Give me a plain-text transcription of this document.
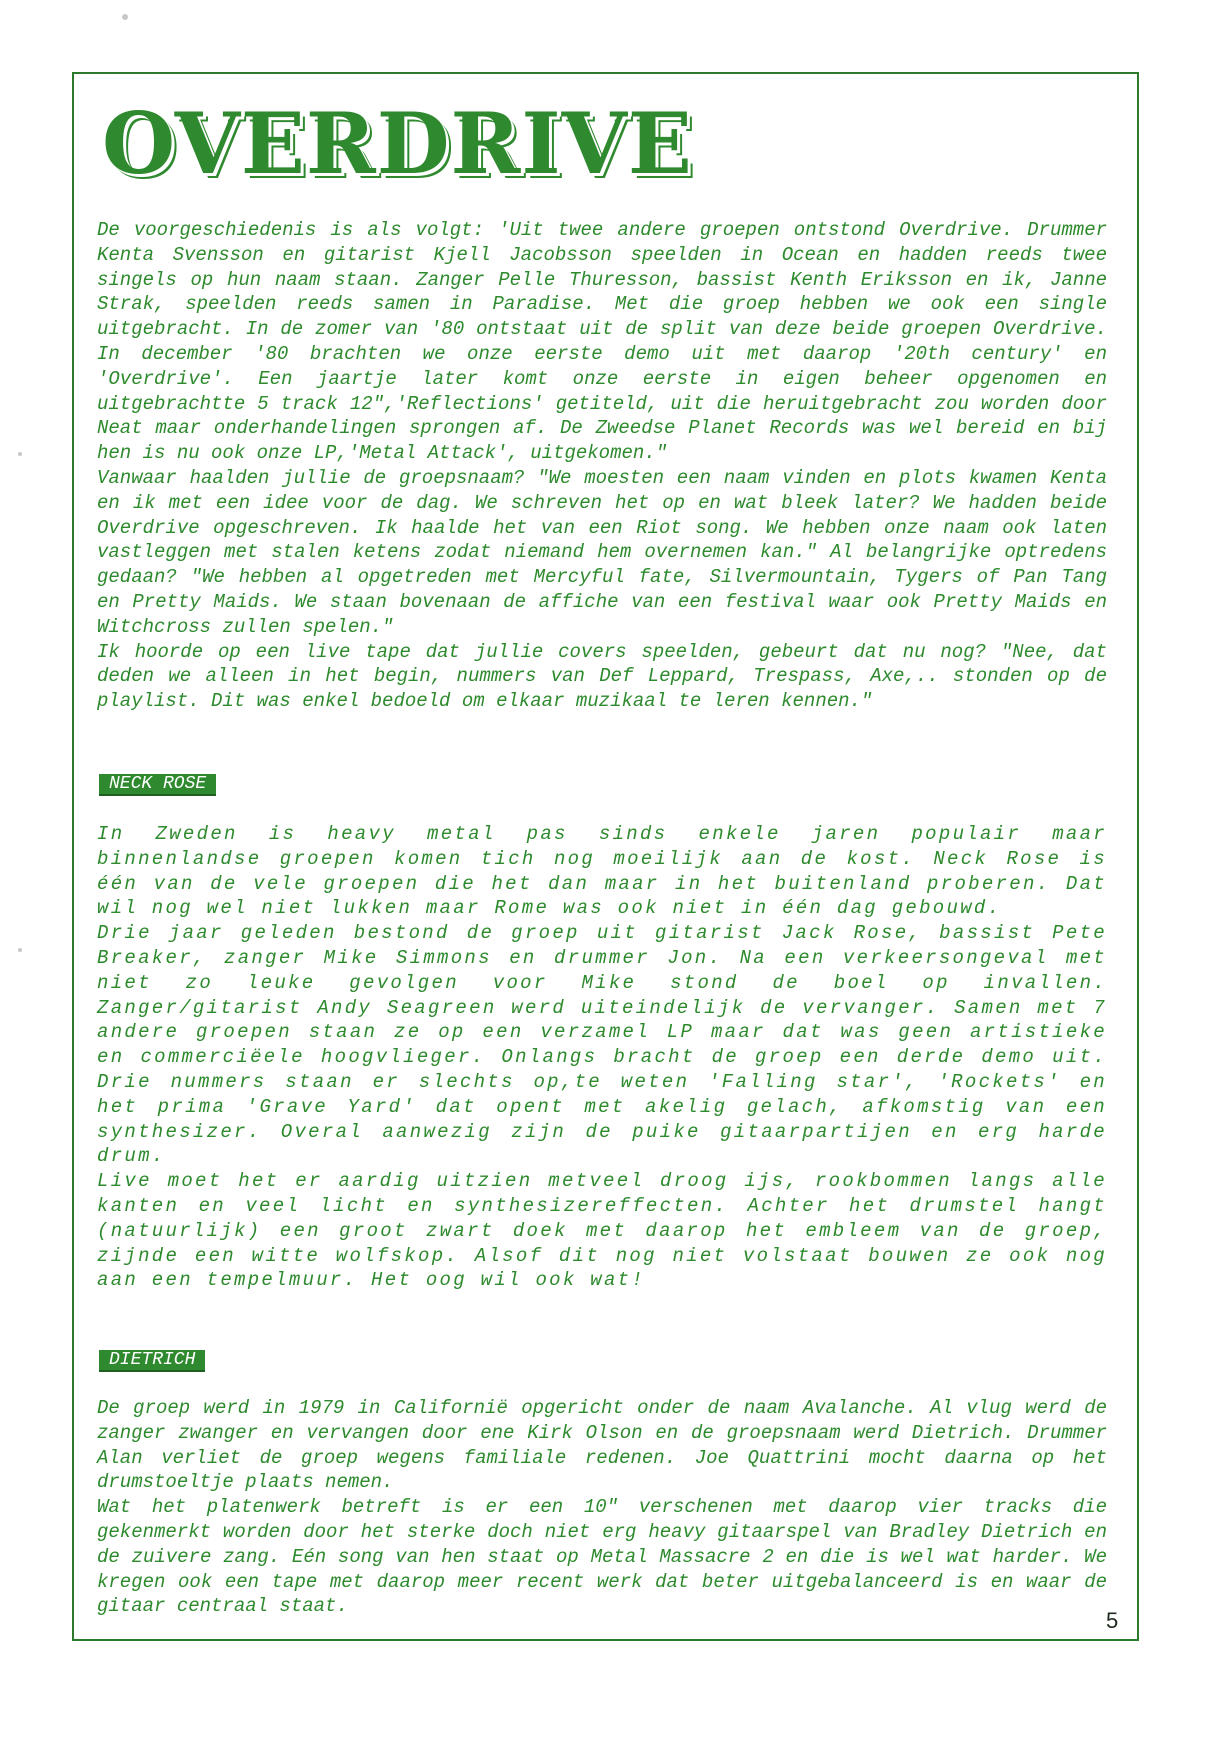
OVERDRIVE

De voorgeschiedenis is als volgt: 'Uit twee andere groepen ontstond Overdrive. Drummer Kenta Svensson en gitarist Kjell Jacobsson speelden in Ocean en hadden reeds twee singels op hun naam staan. Zanger Pelle Thuresson, bassist Kenth Eriksson en ik, Janne Strak, speelden reeds samen in Paradise. Met die groep hebben we ook een single uitgebracht. In de zomer van '80 ontstaat uit de split van deze beide groepen Overdrive. In december '80 brachten we onze eerste demo uit met daarop '20th century' en 'Overdrive'. Een jaartje later komt onze eerste in eigen beheer opgenomen en uitgebrachtte 5 track 12",'Reflections' getiteld, uit die heruitgebracht zou worden door Neat maar onderhandelingen sprongen af. De Zweedse Planet Records was wel bereid en bij hen is nu ook onze LP,'Metal Attack', uitgekomen."

Vanwaar haalden jullie de groepsnaam? "We moesten een naam vinden en plots kwamen Kenta en ik met een idee voor de dag. We schreven het op en wat bleek later? We hadden beide Overdrive opgeschreven. Ik haalde het van een Riot song. We hebben onze naam ook laten vastleggen met stalen ketens zodat niemand hem overnemen kan." Al belangrijke optredens gedaan? "We hebben al opgetreden met Mercyful fate, Silvermountain, Tygers of Pan Tang en Pretty Maids. We staan bovenaan de affiche van een festival waar ook Pretty Maids en Witchcross zullen spelen."

Ik hoorde op een live tape dat jullie covers speelden, gebeurt dat nu nog? "Nee, dat deden we alleen in het begin, nummers van Def Leppard, Trespass, Axe,.. stonden op de playlist. Dit was enkel bedoeld om elkaar muzikaal te leren kennen."

NECK ROSE

In Zweden is heavy metal pas sinds enkele jaren populair maar binnenlandse groepen komen tich nog moeilijk aan de kost. Neck Rose is één van de vele groepen die het dan maar in het buitenland proberen. Dat wil nog wel niet lukken maar Rome was ook niet in één dag gebouwd.

Drie jaar geleden bestond de groep uit gitarist Jack Rose, bassist Pete Breaker, zanger Mike Simmons en drummer Jon. Na een verkeersongeval met niet zo leuke gevolgen voor Mike stond de boel op invallen. Zanger/gitarist Andy Seagreen werd uiteindelijk de vervanger. Samen met 7 andere groepen staan ze op een verzamel LP maar dat was geen artistieke en commerciëele hoogvlieger. Onlangs bracht de groep een derde demo uit. Drie nummers staan er slechts op,te weten 'Falling star', 'Rockets' en het prima 'Grave Yard' dat opent met akelig gelach, afkomstig van een synthesizer. Overal aanwezig zijn de puike gitaarpartijen en erg harde drum.

Live moet het er aardig uitzien metveel droog ijs, rookbommen langs alle kanten en veel licht en synthesizereffecten. Achter het drumstel hangt (natuurlijk) een groot zwart doek met daarop het embleem van de groep, zijnde een witte wolfskop. Alsof dit nog niet volstaat bouwen ze ook nog aan een tempelmuur. Het oog wil ook wat!

DIETRICH

De groep werd in 1979 in Californië opgericht onder de naam Avalanche. Al vlug werd de zanger zwanger en vervangen door ene Kirk Olson en de groepsnaam werd Dietrich. Drummer Alan verliet de groep wegens familiale redenen. Joe Quattrini mocht daarna op het drumstoeltje plaats nemen.

Wat het platenwerk betreft is er een 10" verschenen met daarop vier tracks die gekenmerkt worden door het sterke doch niet erg heavy gitaarspel van Bradley Dietrich en de zuivere zang. Eén song van hen staat op Metal Massacre 2 en die is wel wat harder. We kregen ook een tape met daarop meer recent werk dat beter uitgebalanceerd is en waar de gitaar centraal staat.

5
